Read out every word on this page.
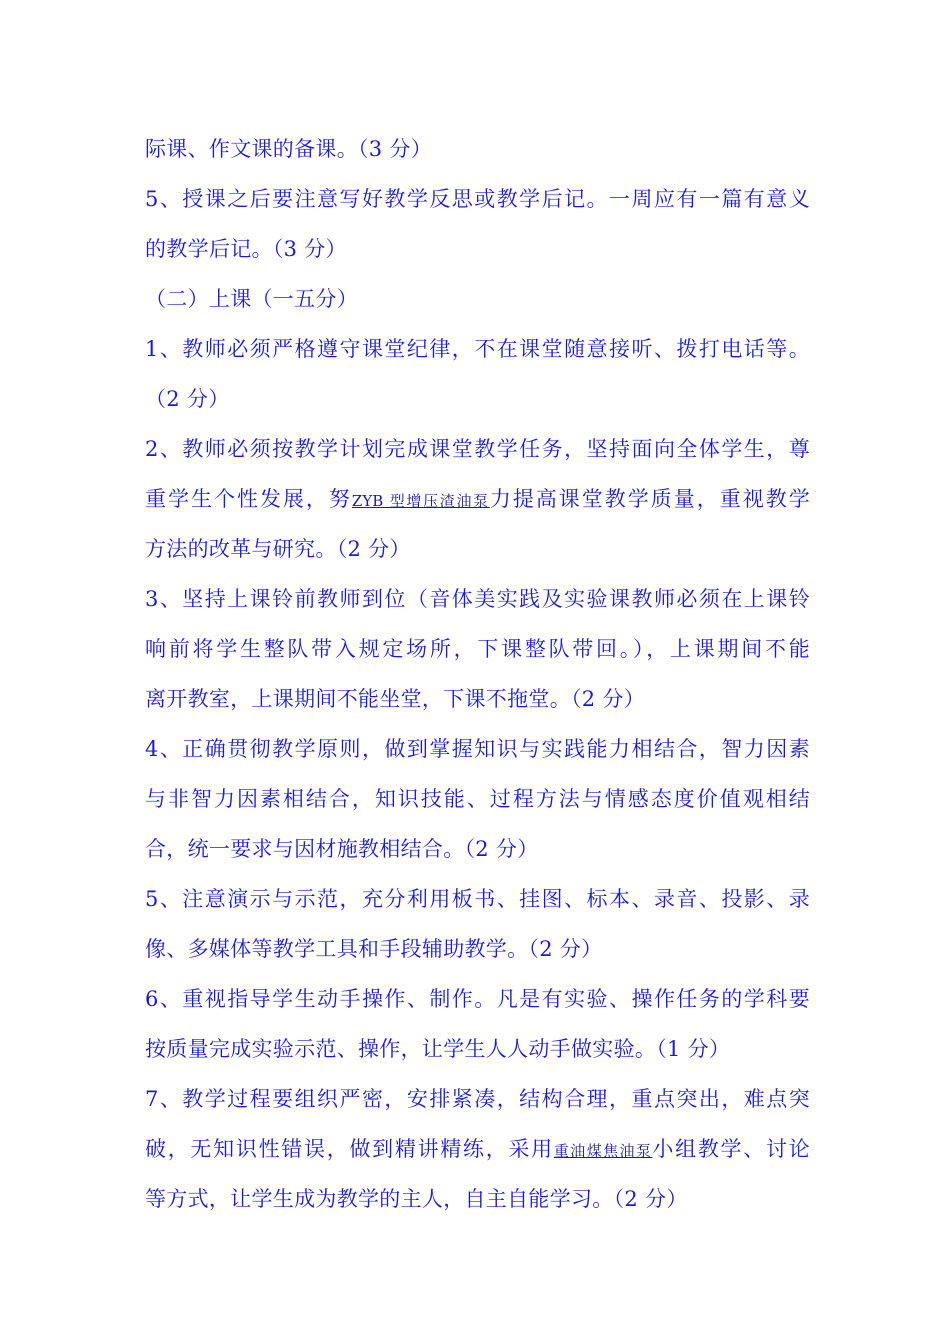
际课、作文课的备课。（3 分）
5、授课之后要注意写好教学反思或教学后记。一周应有一篇有意义
的教学后记。（3 分）
（二）上课（一五分）
1、教师必须严格遵守课堂纪律，不在课堂随意接听、拨打电话等。
（2 分）
2、教师必须按教学计划完成课堂教学任务，坚持面向全体学生，尊
重学生个性发展，努ZYB 型增压渣油泵力提高课堂教学质量，重视教学
方法的改革与研究。（2 分）
3、坚持上课铃前教师到位（音体美实践及实验课教师必须在上课铃
响前将学生整队带入规定场所，下课整队带回。），上课期间不能
离开教室，上课期间不能坐堂，下课不拖堂。（2 分）
4、正确贯彻教学原则，做到掌握知识与实践能力相结合，智力因素
与非智力因素相结合，知识技能、过程方法与情感态度价值观相结
合，统一要求与因材施教相结合。（2 分）
5、注意演示与示范，充分利用板书、挂图、标本、录音、投影、录
像、多媒体等教学工具和手段辅助教学。（2 分）
6、重视指导学生动手操作、制作。凡是有实验、操作任务的学科要
按质量完成实验示范、操作，让学生人人动手做实验。（1 分）
7、教学过程要组织严密，安排紧凑，结构合理，重点突出，难点突
破，无知识性错误，做到精讲精练，采用重油煤焦油泵小组教学、讨论
等方式，让学生成为教学的主人，自主自能学习。（2 分）
